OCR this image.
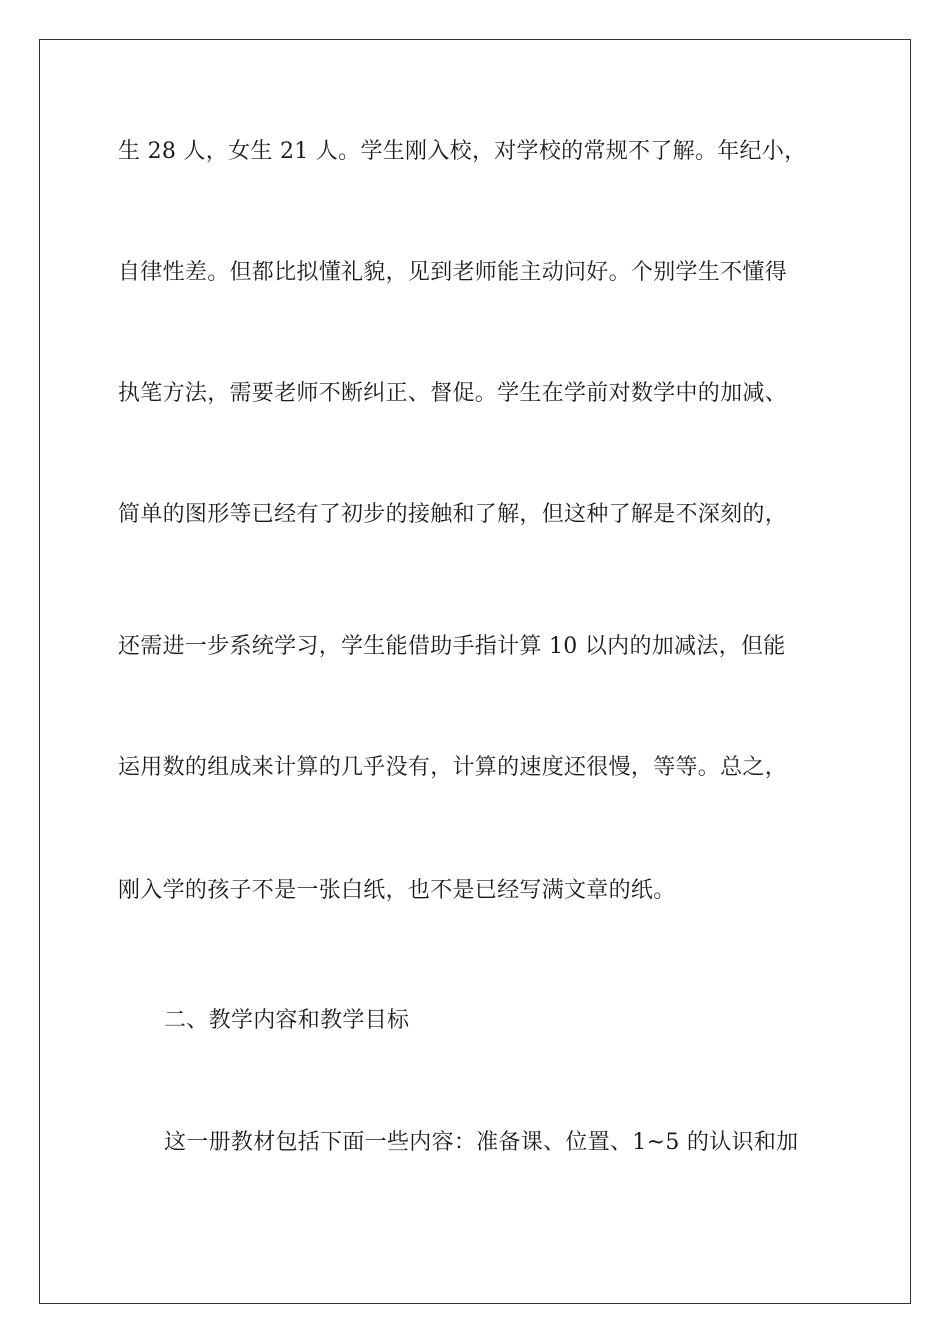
生 28 人，女生 21 人。学生刚入校，对学校的常规不了解。年纪小，
自律性差。但都比拟懂礼貌，见到老师能主动问好。个别学生不懂得
执笔方法，需要老师不断纠正、督促。学生在学前对数学中的加减、
简单的图形等已经有了初步的接触和了解，但这种了解是不深刻的，
还需进一步系统学习，学生能借助手指计算 10 以内的加减法，但能
运用数的组成来计算的几乎没有，计算的速度还很慢，等等。总之，
刚入学的孩子不是一张白纸，也不是已经写满文章的纸。
二、教学内容和教学目标
这一册教材包括下面一些内容：准备课、位置、1~5 的认识和加
